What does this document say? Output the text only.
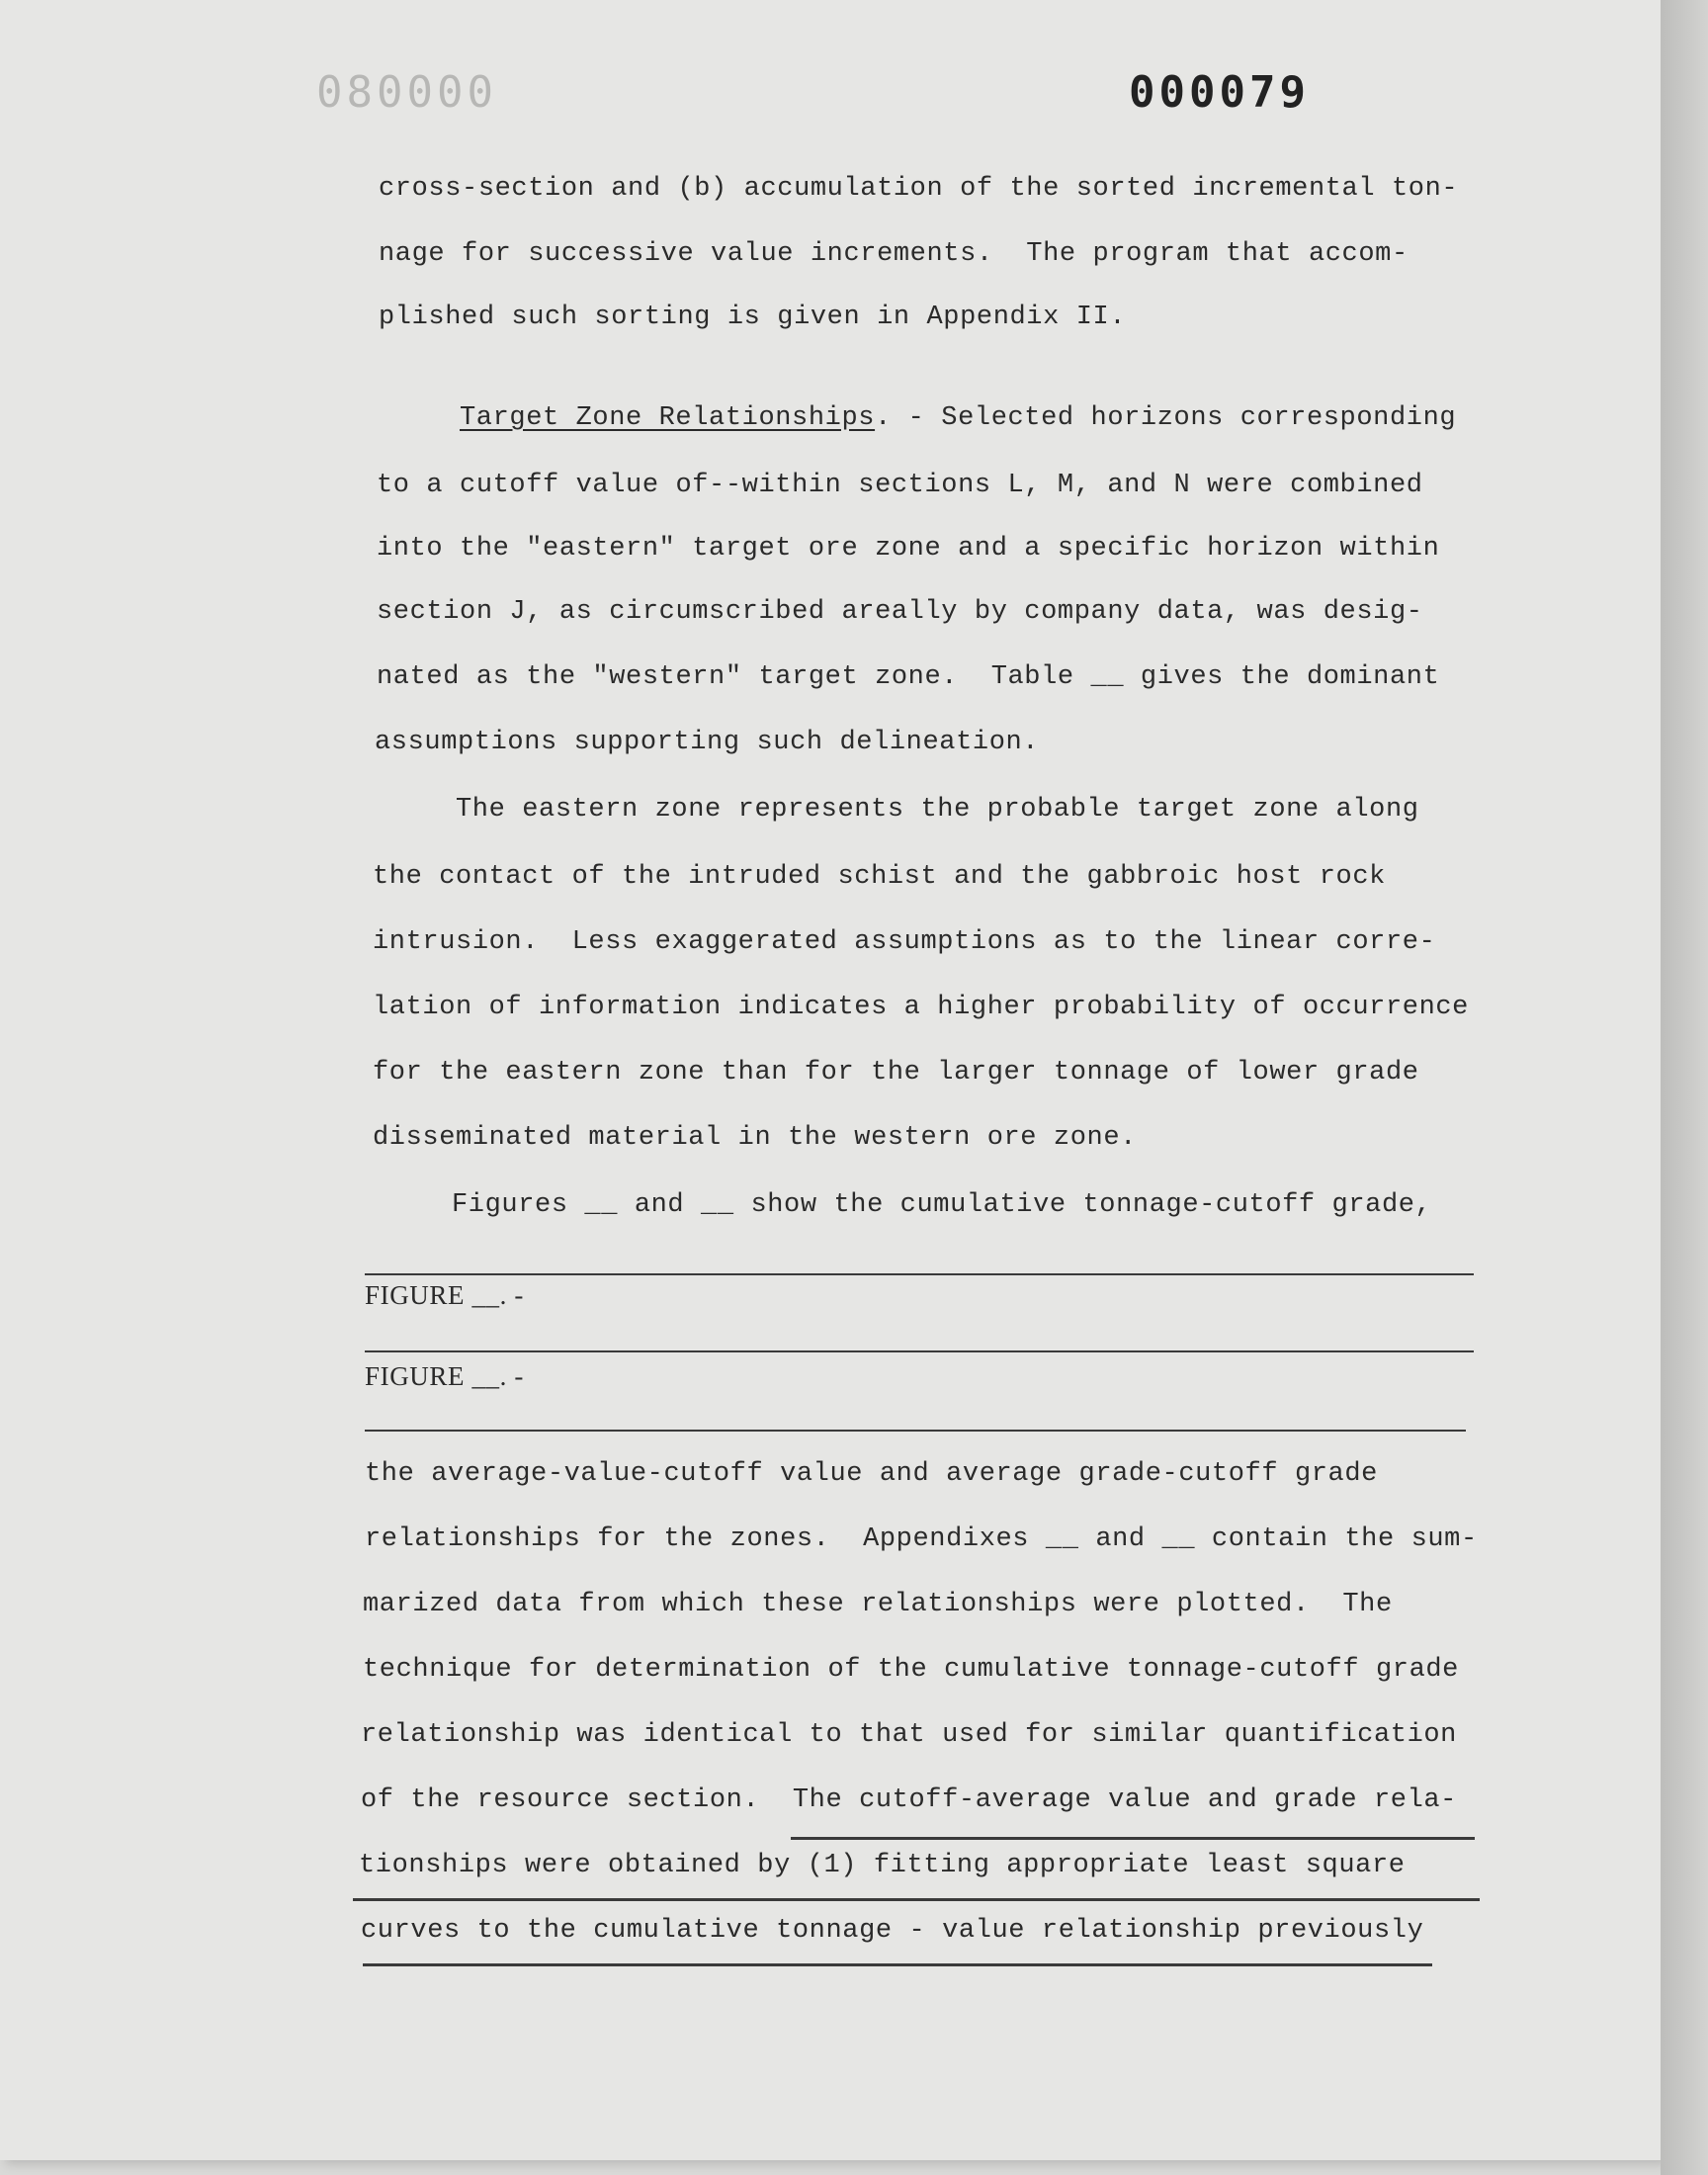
080000	000079
cross-section and (b) accumulation of the sorted incremental ton-
nage for successive value increments.  The program that accom-
plished such sorting is given in Appendix II.
Target Zone Relationships. - Selected horizons corresponding
to a cutoff value of--within sections L, M, and N were combined
into the "eastern" target ore zone and a specific horizon within
section J, as circumscribed areally by company data, was desig-
nated as the "western" target zone.  Table __ gives the dominant
assumptions supporting such delineation.
The eastern zone represents the probable target zone along
the contact of the intruded schist and the gabbroic host rock
intrusion.  Less exaggerated assumptions as to the linear corre-
lation of information indicates a higher probability of occurrence
for the eastern zone than for the larger tonnage of lower grade
disseminated material in the western ore zone.
Figures __ and __ show the cumulative tonnage-cutoff grade,
FIGURE __. -
FIGURE __. -
the average-value-cutoff value and average grade-cutoff grade
relationships for the zones.  Appendixes __ and __ contain the sum-
marized data from which these relationships were plotted.  The
technique for determination of the cumulative tonnage-cutoff grade
relationship was identical to that used for similar quantification
of the resource section.  The cutoff-average value and grade rela-
tionships were obtained by (1) fitting appropriate least square
curves to the cumulative tonnage - value relationship previously
